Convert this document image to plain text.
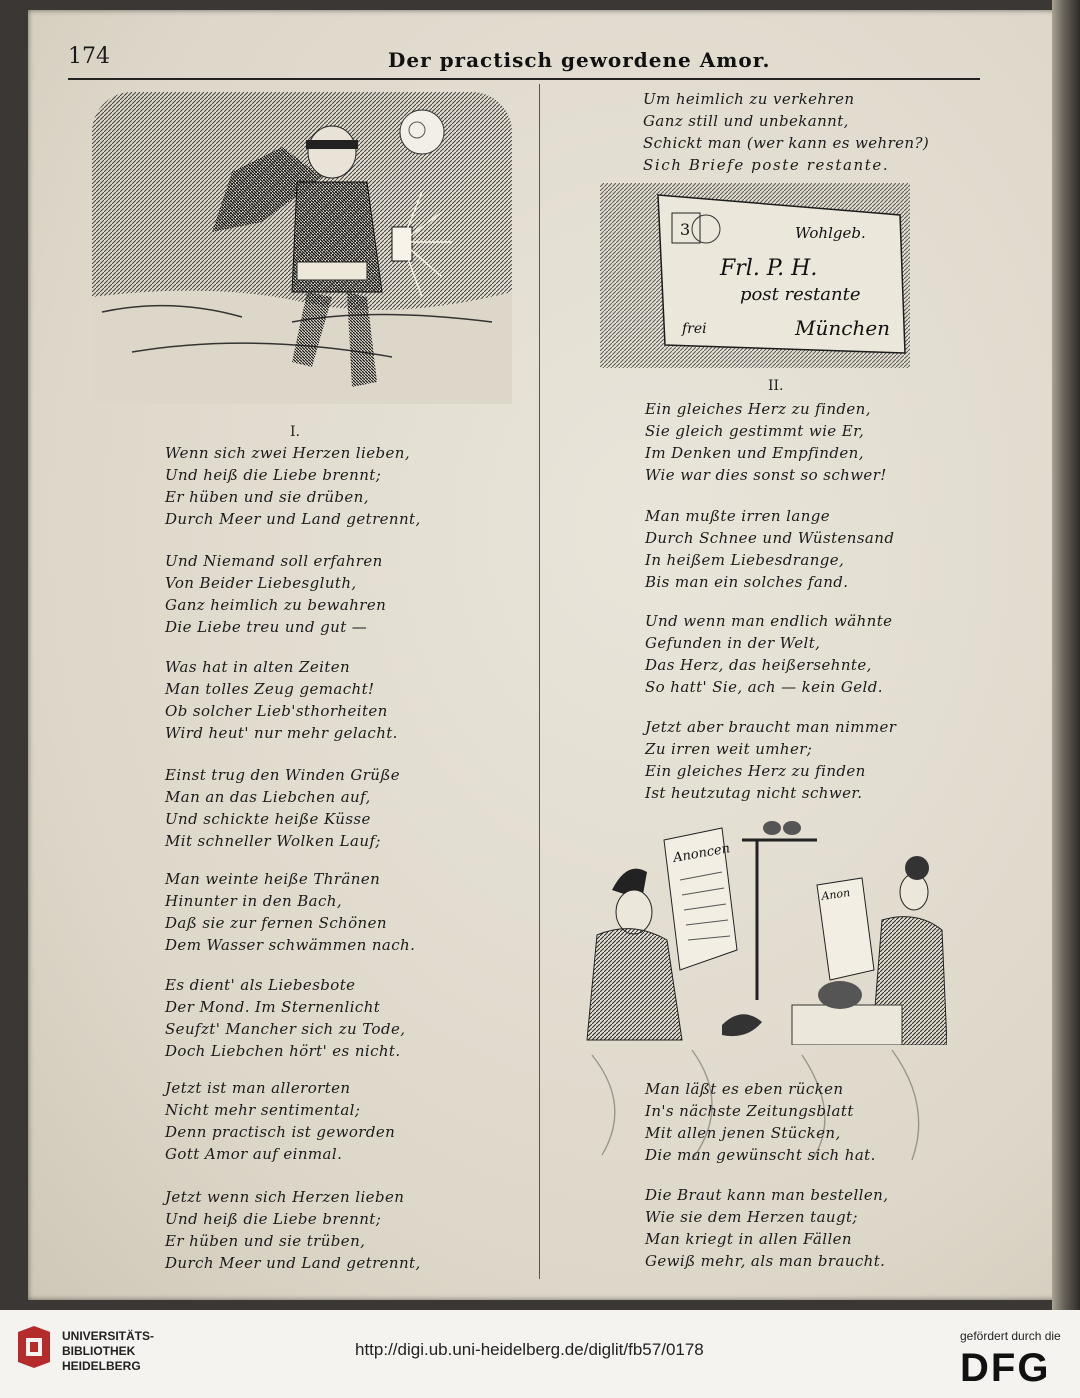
174	Der practisch gewordene Amor.
I.
Wenn sich zwei Herzen lieben,
Und heiß die Liebe brennt;
Er hüben und sie drüben,
Durch Meer und Land getrennt,
Und Niemand soll erfahren
Von Beider Liebesgluth,
Ganz heimlich zu bewahren
Die Liebe treu und gut —
Was hat in alten Zeiten
Man tolles Zeug gemacht!
Ob solcher Lieb'sthorheiten
Wird heut' nur mehr gelacht.
Einst trug den Winden Grüße
Man an das Liebchen auf,
Und schickte heiße Küsse
Mit schneller Wolken Lauf;
Man weinte heiße Thränen
Hinunter in den Bach,
Daß sie zur fernen Schönen
Dem Wasser schwämmen nach.
Es dient' als Liebesbote
Der Mond. Im Sternenlicht
Seufzt' Mancher sich zu Tode,
Doch Liebchen hört' es nicht.
Jetzt ist man allerorten
Nicht mehr sentimental;
Denn practisch ist geworden
Gott Amor auf einmal.
Jetzt wenn sich Herzen lieben
Und heiß die Liebe brennt;
Er hüben und sie trüben,
Durch Meer und Land getrennt,
Um heimlich zu verkehren
Ganz still und unbekannt,
Schickt man (wer kann es wehren?)
Sich Briefe poste restante.
3	Wohlgeb.
Frl. P. H.
post restante
frei	München
II.
Ein gleiches Herz zu finden,
Sie gleich gestimmt wie Er,
Im Denken und Empfinden,
Wie war dies sonst so schwer!
Man mußte irren lange
Durch Schnee und Wüstensand
In heißem Liebesdrange,
Bis man ein solches fand.
Und wenn man endlich wähnte
Gefunden in der Welt,
Das Herz, das heißersehnte,
So hatt' Sie, ach — kein Geld.
Jetzt aber braucht man nimmer
Zu irren weit umher;
Ein gleiches Herz zu finden
Ist heutzutag nicht schwer.
Anoncen
Anon
Man läßt es eben rücken
In's nächste Zeitungsblatt
Mit allen jenen Stücken,
Die man gewünscht sich hat.
Die Braut kann man bestellen,
Wie sie dem Herzen taugt;
Man kriegt in allen Fällen
Gewiß mehr, als man braucht.
UNIVERSITÄTS-
BIBLIOTHEK
HEIDELBERG
http://digi.ub.uni-heidelberg.de/diglit/fb57/0178
gefördert durch die
DFG
